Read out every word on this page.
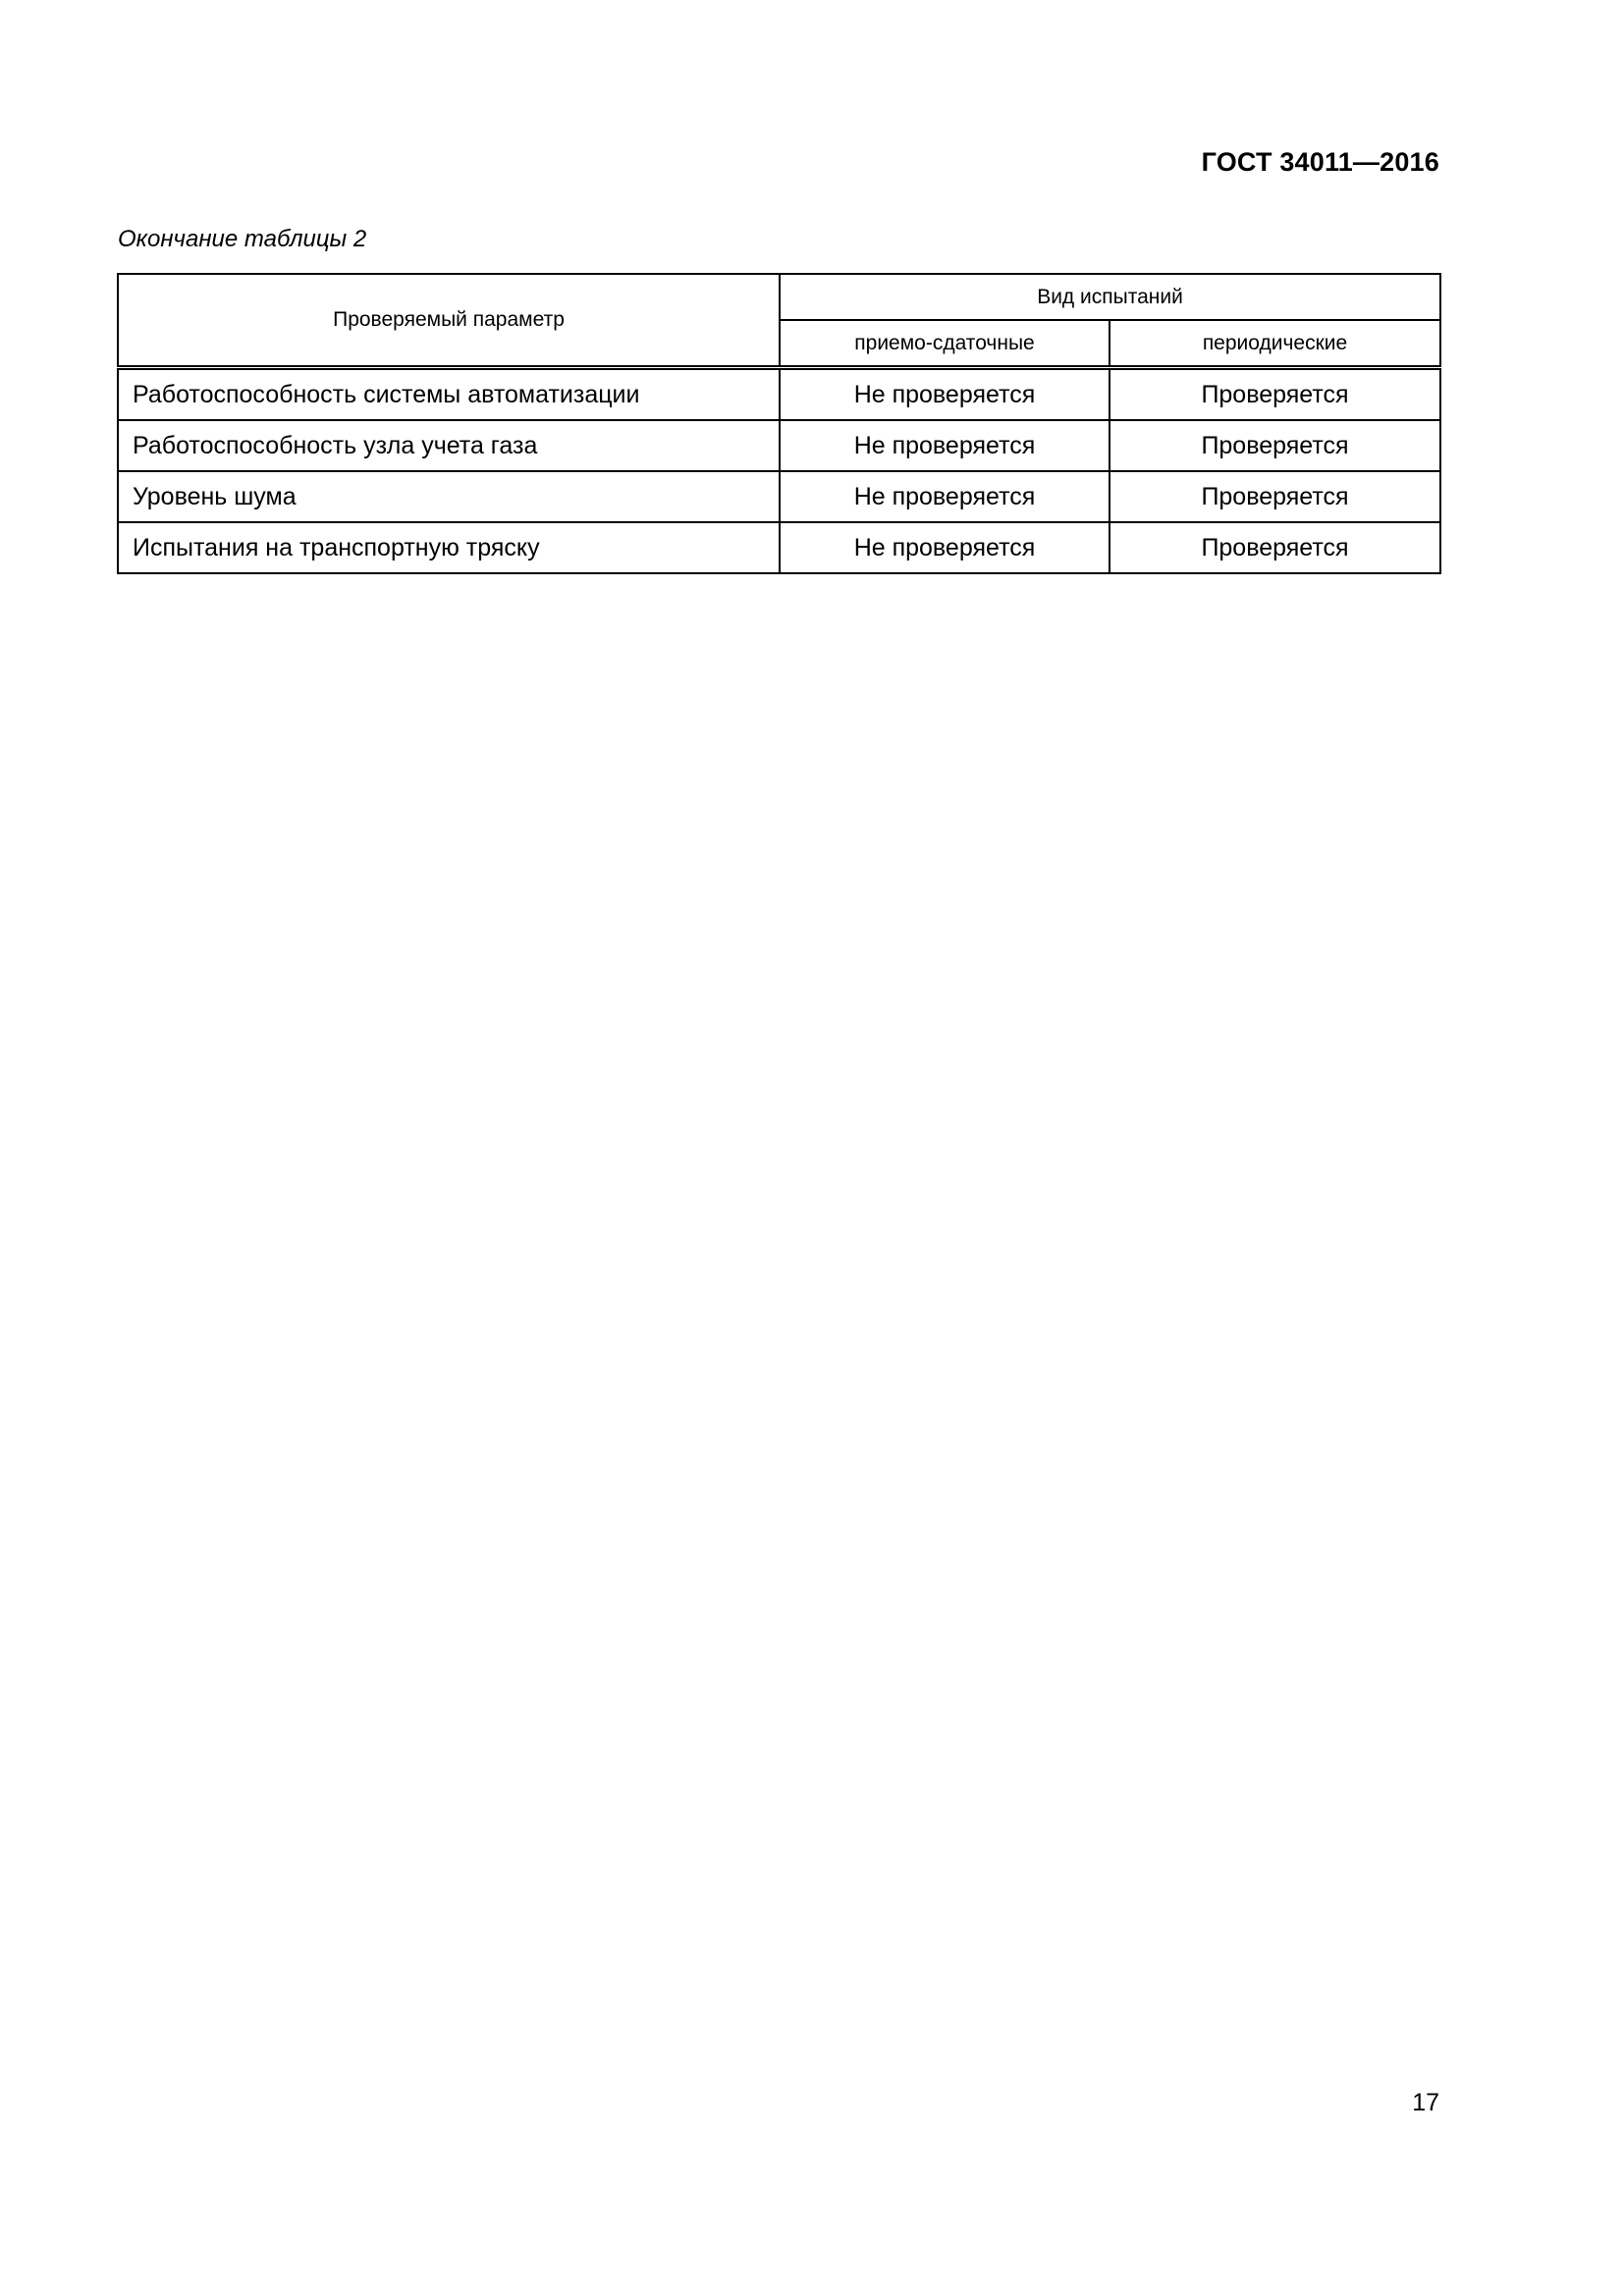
ГОСТ 34011—2016
Окончание таблицы 2
Проверяемый параметр	Вид испытаний	
	приемо-сдаточные	периодические
Работоспособность системы автоматизации	Не проверяется	Проверяется
Работоспособность узла учета газа	Не проверяется	Проверяется
Уровень шума	Не проверяется	Проверяется
Испытания на транспортную тряску	Не проверяется	Проверяется
17
